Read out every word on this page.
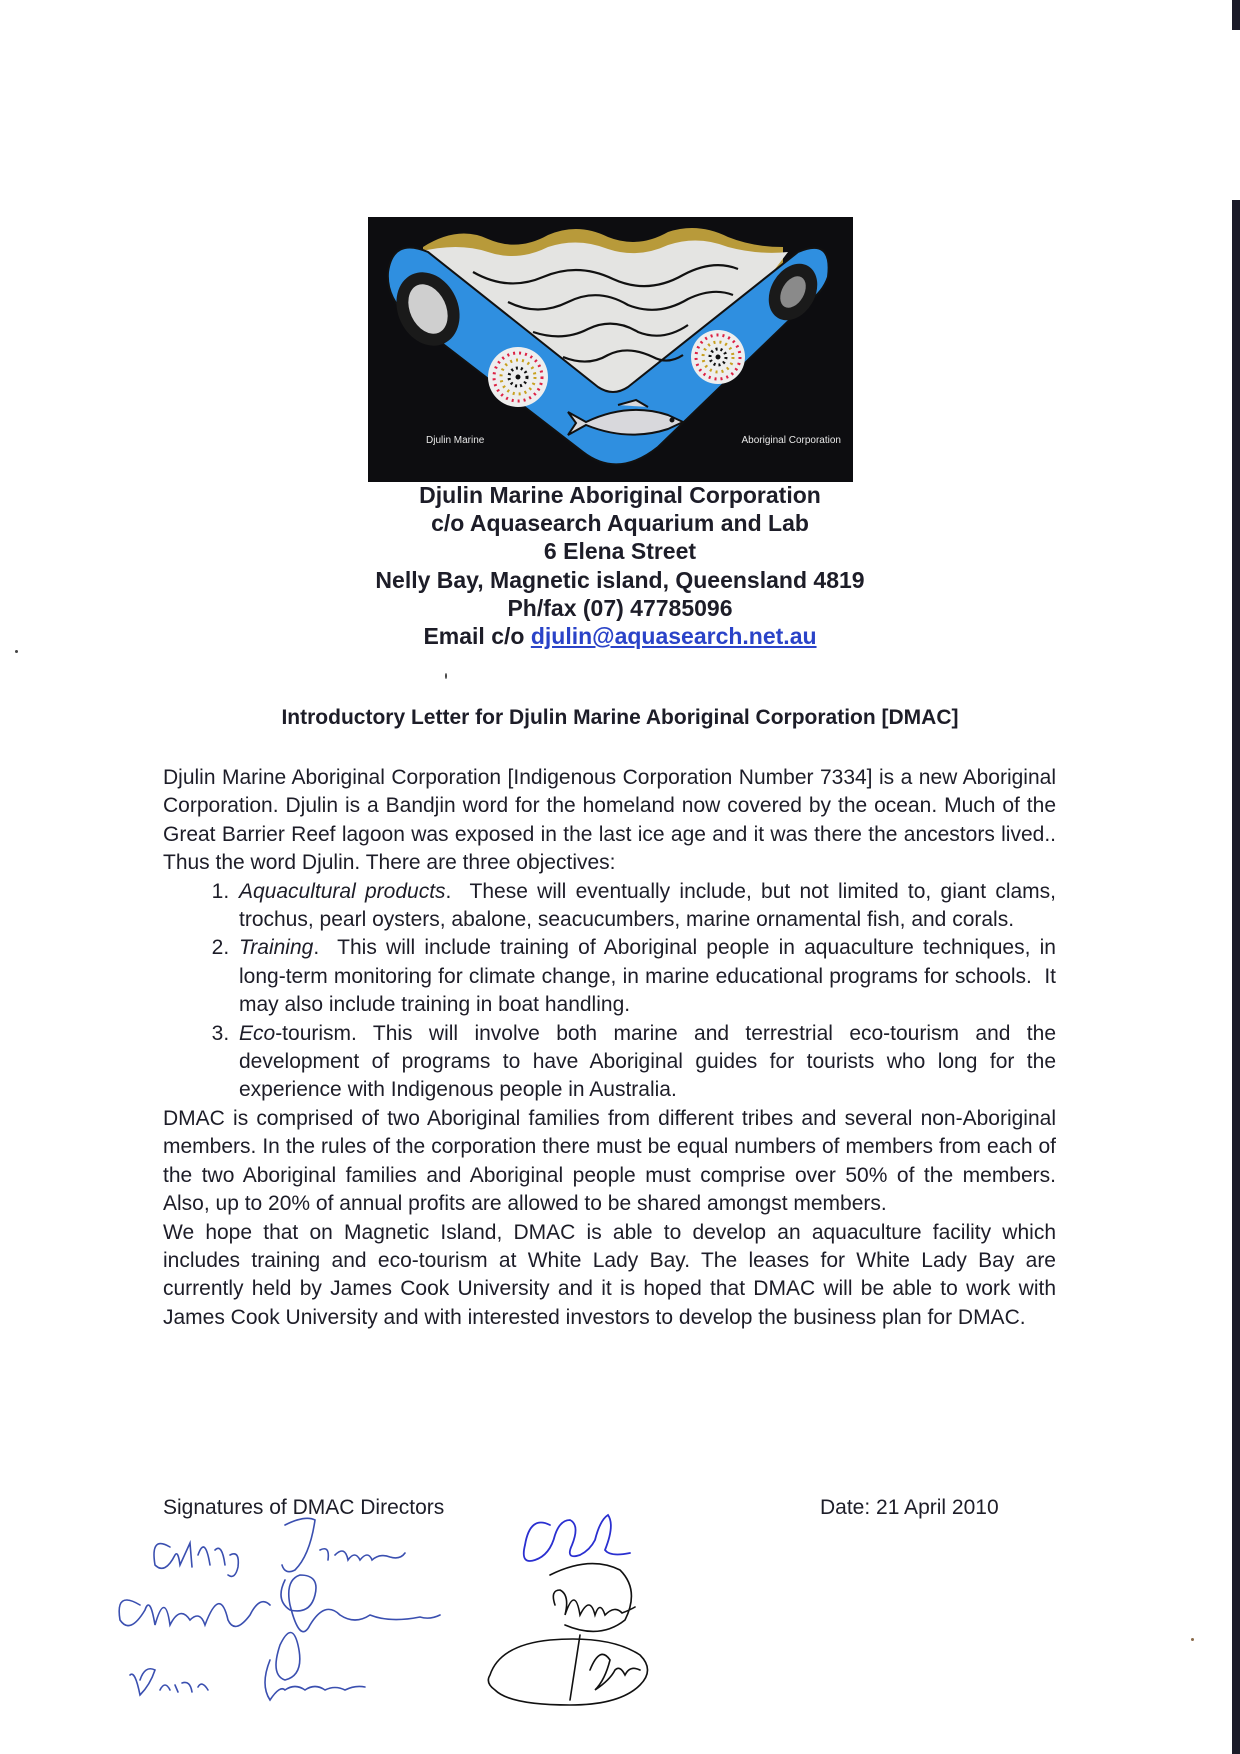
Djulin Marine	Aboriginal Corporation
Djulin Marine Aboriginal Corporation
c/o Aquasearch Aquarium and Lab
6 Elena Street
Nelly Bay, Magnetic island, Queensland 4819
Ph/fax (07) 47785096
Email c/o djulin@aquasearch.net.au
Introductory Letter for Djulin Marine Aboriginal Corporation [DMAC]

Djulin Marine Aboriginal Corporation [Indigenous Corporation Number 7334] is a new Aboriginal Corporation. Djulin is a Bandjin word for the homeland now covered by the ocean. Much of the Great Barrier Reef lagoon was exposed in the last ice age and it was there the ancestors lived.. Thus the word Djulin. There are three objectives:

1. Aquacultural products.  These will eventually include, but not limited to, giant clams, trochus, pearl oysters, abalone, seacucumbers, marine ornamental fish, and corals.
2. Training.  This will include training of Aboriginal people in aquaculture techniques, in long-term monitoring for climate change, in marine educational programs for schools.  It may also include training in boat handling.
3. Eco-tourism. This will involve both marine and terrestrial eco-tourism and the development of programs to have Aboriginal guides for tourists who long for the experience with Indigenous people in Australia.

DMAC is comprised of two Aboriginal families from different tribes and several non-Aboriginal members. In the rules of the corporation there must be equal numbers of members from each of the two Aboriginal families and Aboriginal people must comprise over 50% of the members. Also, up to 20% of annual profits are allowed to be shared amongst members.

We hope that on Magnetic Island, DMAC is able to develop an aquaculture facility which includes training and eco-tourism at White Lady Bay. The leases for White Lady Bay are currently held by James Cook University and it is hoped that DMAC will be able to work with James Cook University and with interested investors to develop the business plan for DMAC.

Signatures of DMAC Directors	Date: 21 April 2010
